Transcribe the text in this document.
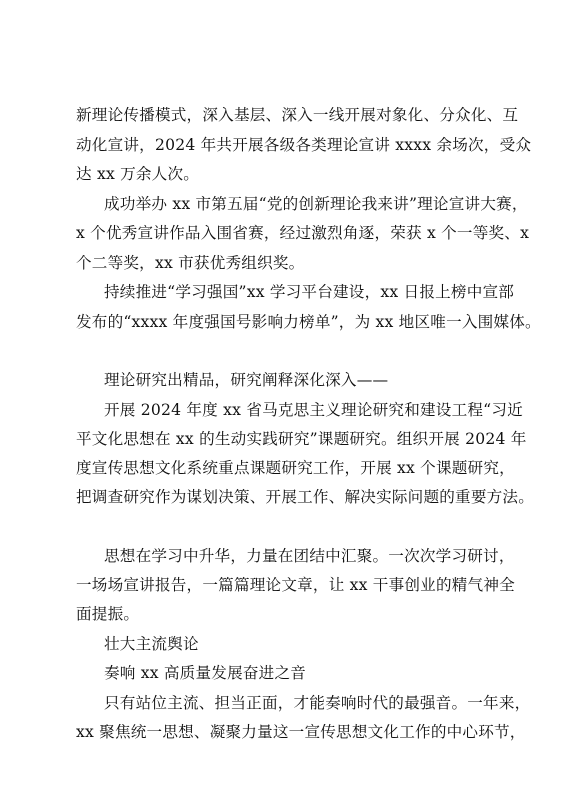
新理论传播模式，深入基层、深入一线开展对象化、分众化、互
动化宣讲，2024 年共开展各级各类理论宣讲 xxxx 余场次，受众
达 xx 万余人次。
成功举办 xx 市第五届“党的创新理论我来讲”理论宣讲大赛，
x 个优秀宣讲作品入围省赛，经过激烈角逐，荣获 x 个一等奖、x
个二等奖，xx 市获优秀组织奖。
持续推进“学习强国”xx 学习平台建设，xx 日报上榜中宣部
发布的“xxxx 年度强国号影响力榜单”，为 xx 地区唯一入围媒体。
理论研究出精品，研究阐释深化深入——
开展 2024 年度 xx 省马克思主义理论研究和建设工程“习近
平文化思想在 xx 的生动实践研究”课题研究。组织开展 2024 年
度宣传思想文化系统重点课题研究工作，开展 xx 个课题研究，
把调查研究作为谋划决策、开展工作、解决实际问题的重要方法。
思想在学习中升华，力量在团结中汇聚。一次次学习研讨，
一场场宣讲报告，一篇篇理论文章，让 xx 干事创业的精气神全
面提振。
壮大主流舆论
奏响 xx 高质量发展奋进之音
只有站位主流、担当正面，才能奏响时代的最强音。一年来，
xx 聚焦统一思想、凝聚力量这一宣传思想文化工作的中心环节，
